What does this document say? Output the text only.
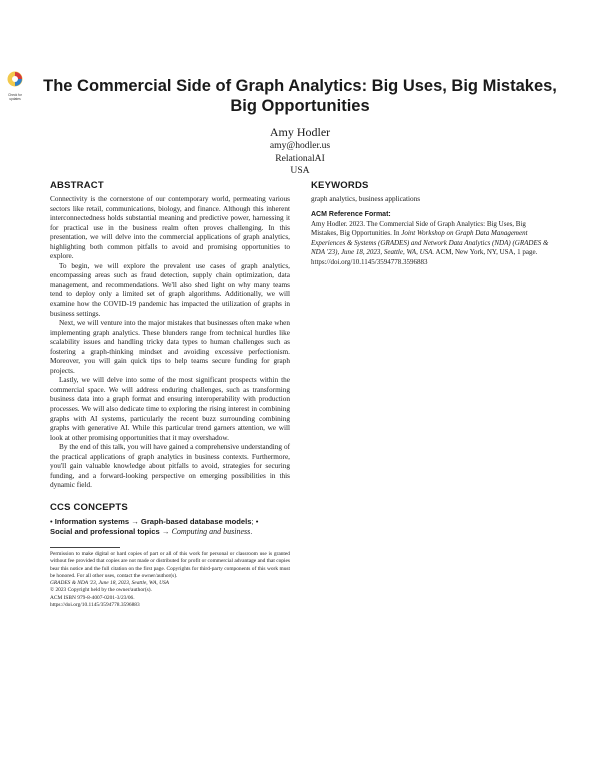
Check for
updates
The Commercial Side of Graph Analytics: Big Uses, Big Mistakes,
Big Opportunities
Amy Hodler
amy@hodler.us
RelationalAI
USA
ABSTRACT

Connectivity is the cornerstone of our contemporary world, permeating various sectors like retail, communications, biology, and finance. Although this inherent interconnectedness holds substantial meaning and predictive power, harnessing it for practical use in the business realm often proves challenging. In this presentation, we will delve into the commercial applications of graph analytics, highlighting both common pitfalls to avoid and promising opportunities to explore.

To begin, we will explore the prevalent use cases of graph analytics, encompassing areas such as fraud detection, supply chain optimization, data management, and recommendations. We'll also shed light on why many teams tend to deploy only a limited set of graph algorithms. Additionally, we will examine how the COVID-19 pandemic has impacted the utilization of graphs in business settings.

Next, we will venture into the major mistakes that businesses often make when implementing graph analytics. These blunders range from technical hurdles like scalability issues and handling tricky data types to human challenges such as fostering a graph-thinking mindset and avoiding excessive perfectionism. Moreover, you will gain quick tips to help teams secure funding for graph projects.

Lastly, we will delve into some of the most significant prospects within the commercial space. We will address enduring challenges, such as transforming business data into a graph format and ensuring interoperability with production processes. We will also dedicate time to exploring the rising interest in combining graphs with AI systems, particularly the recent buzz surrounding combining graphs with generative AI. While this particular trend garners attention, we will look at other promising opportunities that it may overshadow.

By the end of this talk, you will have gained a comprehensive understanding of the practical applications of graph analytics in business contexts. Furthermore, you'll gain valuable knowledge about pitfalls to avoid, strategies for securing funding, and a forward-looking perspective on emerging possibilities in this dynamic field.

CCS CONCEPTS

• Information systems → Graph-based database models; •
Social and professional topics → Computing and business.

Permission to make digital or hard copies of part or all of this work for personal or classroom use is granted without fee provided that copies are not made or distributed for profit or commercial advantage and that copies bear this notice and the full citation on the first page. Copyrights for third-party components of this work must be honored. For all other uses, contact the owner/author(s).

GRADES & NDA '23, June 18, 2023, Seattle, WA, USA
© 2023 Copyright held by the owner/author(s).
ACM ISBN 979-8-4007-0201-3/23/06.
https://doi.org/10.1145/3594778.3596883
KEYWORDS

graph analytics, business applications

ACM Reference Format:

Amy Hodler. 2023. The Commercial Side of Graph Analytics: Big Uses, Big Mistakes, Big Opportunities. In Joint Workshop on Graph Data Management Experiences & Systems (GRADES) and Network Data Analytics (NDA) (GRADES & NDA '23), June 18, 2023, Seattle, WA, USA. ACM, New York, NY, USA, 1 page. https://doi.org/10.1145/3594778.3596883
